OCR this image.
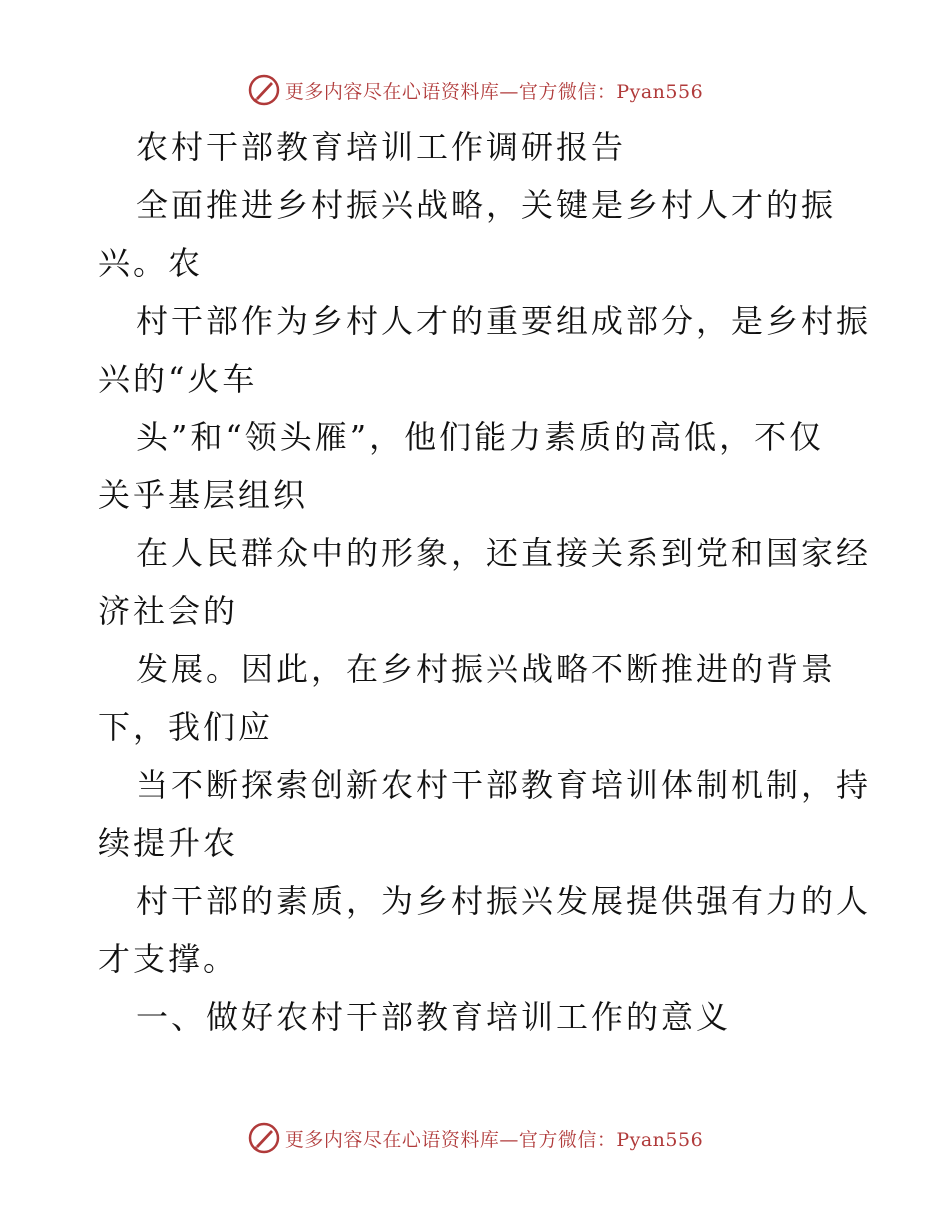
更多内容尽在心语资料库—官方微信：Pyan556
农村干部教育培训工作调研报告
全面推进乡村振兴战略，关键是乡村人才的振
兴。农
村干部作为乡村人才的重要组成部分，是乡村振
兴的“火车
头”和“领头雁”，他们能力素质的高低，不仅
关乎基层组织
在人民群众中的形象，还直接关系到党和国家经
济社会的
发展。因此，在乡村振兴战略不断推进的背景
下，我们应
当不断探索创新农村干部教育培训体制机制，持
续提升农
村干部的素质，为乡村振兴发展提供强有力的人
才支撑。
一、做好农村干部教育培训工作的意义
更多内容尽在心语资料库—官方微信：Pyan556
